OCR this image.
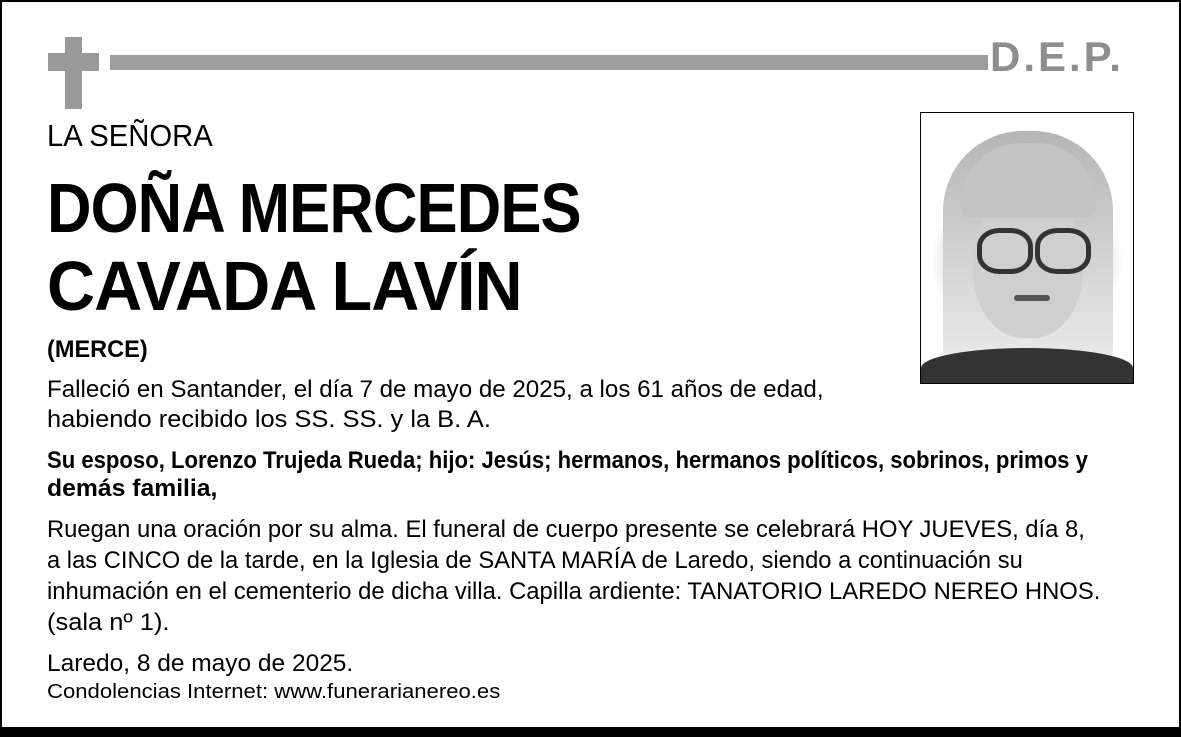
D.E.P.
LA SEÑORA
DOÑA MERCEDES
CAVADA LAVÍN
(MERCE)
Falleció en Santander, el día 7 de mayo de 2025, a los 61 años de edad,
habiendo recibido los SS. SS. y la B. A.
Su esposo, Lorenzo Trujeda Rueda; hijo: Jesús; hermanos, hermanos políticos, sobrinos, primos y
demás familia,
Ruegan una oración por su alma. El funeral de cuerpo presente se celebrará HOY JUEVES, día 8,
a las CINCO de la tarde, en la Iglesia de SANTA MARÍA de Laredo, siendo a continuación su
inhumación en el cementerio de dicha villa. Capilla ardiente: TANATORIO LAREDO NEREO HNOS.
(sala nº 1).
Laredo, 8 de mayo de 2025.
Condolencias Internet: www.funerarianereo.es
